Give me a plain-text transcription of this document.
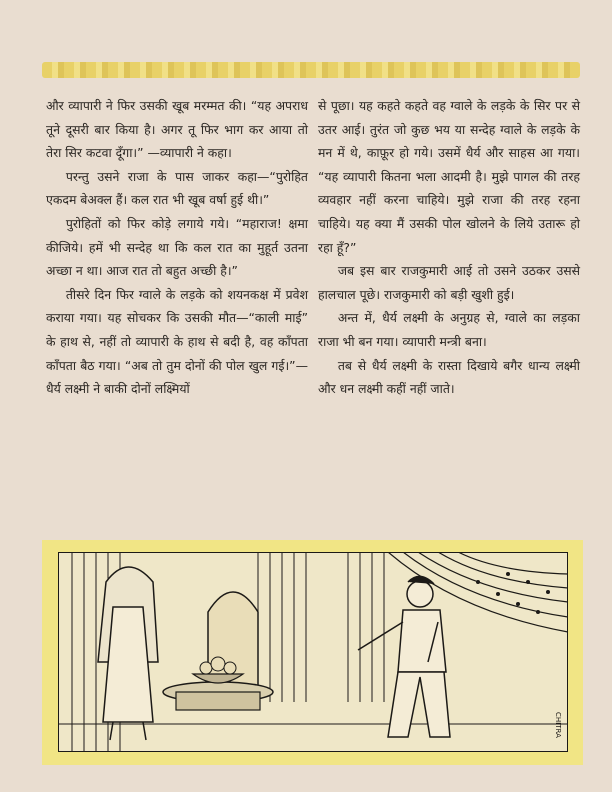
और व्यापारी ने फिर उसकी खूब मरम्मत की। “यह अपराध तूने दूसरी बार किया है। अगर तू फिर भाग कर आया तो तेरा सिर कटवा दूँगा।” —व्यापारी ने कहा।

परन्तु उसने राजा के पास जाकर कहा—“पुरोहित एकदम बेअक्ल हैं। कल रात भी खूब वर्षा हुई थी।”

पुरोहितों को फिर कोड़े लगाये गये। “महाराज! क्षमा कीजिये। हमें भी सन्देह था कि कल रात का मुहूर्त उतना अच्छा न था। आज रात तो बहुत अच्छी है।”

तीसरे दिन फिर ग्वाले के लड़के को शयनकक्ष में प्रवेश कराया गया। यह सोचकर कि उसकी मौत—“काली माई” के हाथ से, नहीं तो व्यापारी के हाथ से बदी है, वह काँपता काँपता बैठ गया। “अब तो तुम दोनों की पोल खुल गई।”—धैर्य लक्ष्मी ने बाकी दोनों लक्ष्मियों

से पूछा। यह कहते कहते वह ग्वाले के लड़के के सिर पर से उतर आई। तुरंत जो कुछ भय या सन्देह ग्वाले के लड़के के मन में थे, काफ़ूर हो गये। उसमें धैर्य और साहस आ गया। “यह व्यापारी कितना भला आदमी है। मुझे पागल की तरह व्यवहार नहीं करना चाहिये। मुझे राजा की तरह रहना चाहिये। यह क्या मैं उसकी पोल खोलने के लिये उतारू हो रहा हूँ?”

जब इस बार राजकुमारी आई तो उसने उठकर उससे हालचाल पूछे। राजकुमारी को बड़ी खुशी हुई।

अन्त में, धैर्य लक्ष्मी के अनुग्रह से, ग्वाले का लड़का राजा भी बन गया। व्यापारी मन्त्री बना।

तब से धैर्य लक्ष्मी के रास्ता दिखाये बगैर धान्य लक्ष्मी और धन लक्ष्मी कहीं नहीं जाते।

CHITRA
